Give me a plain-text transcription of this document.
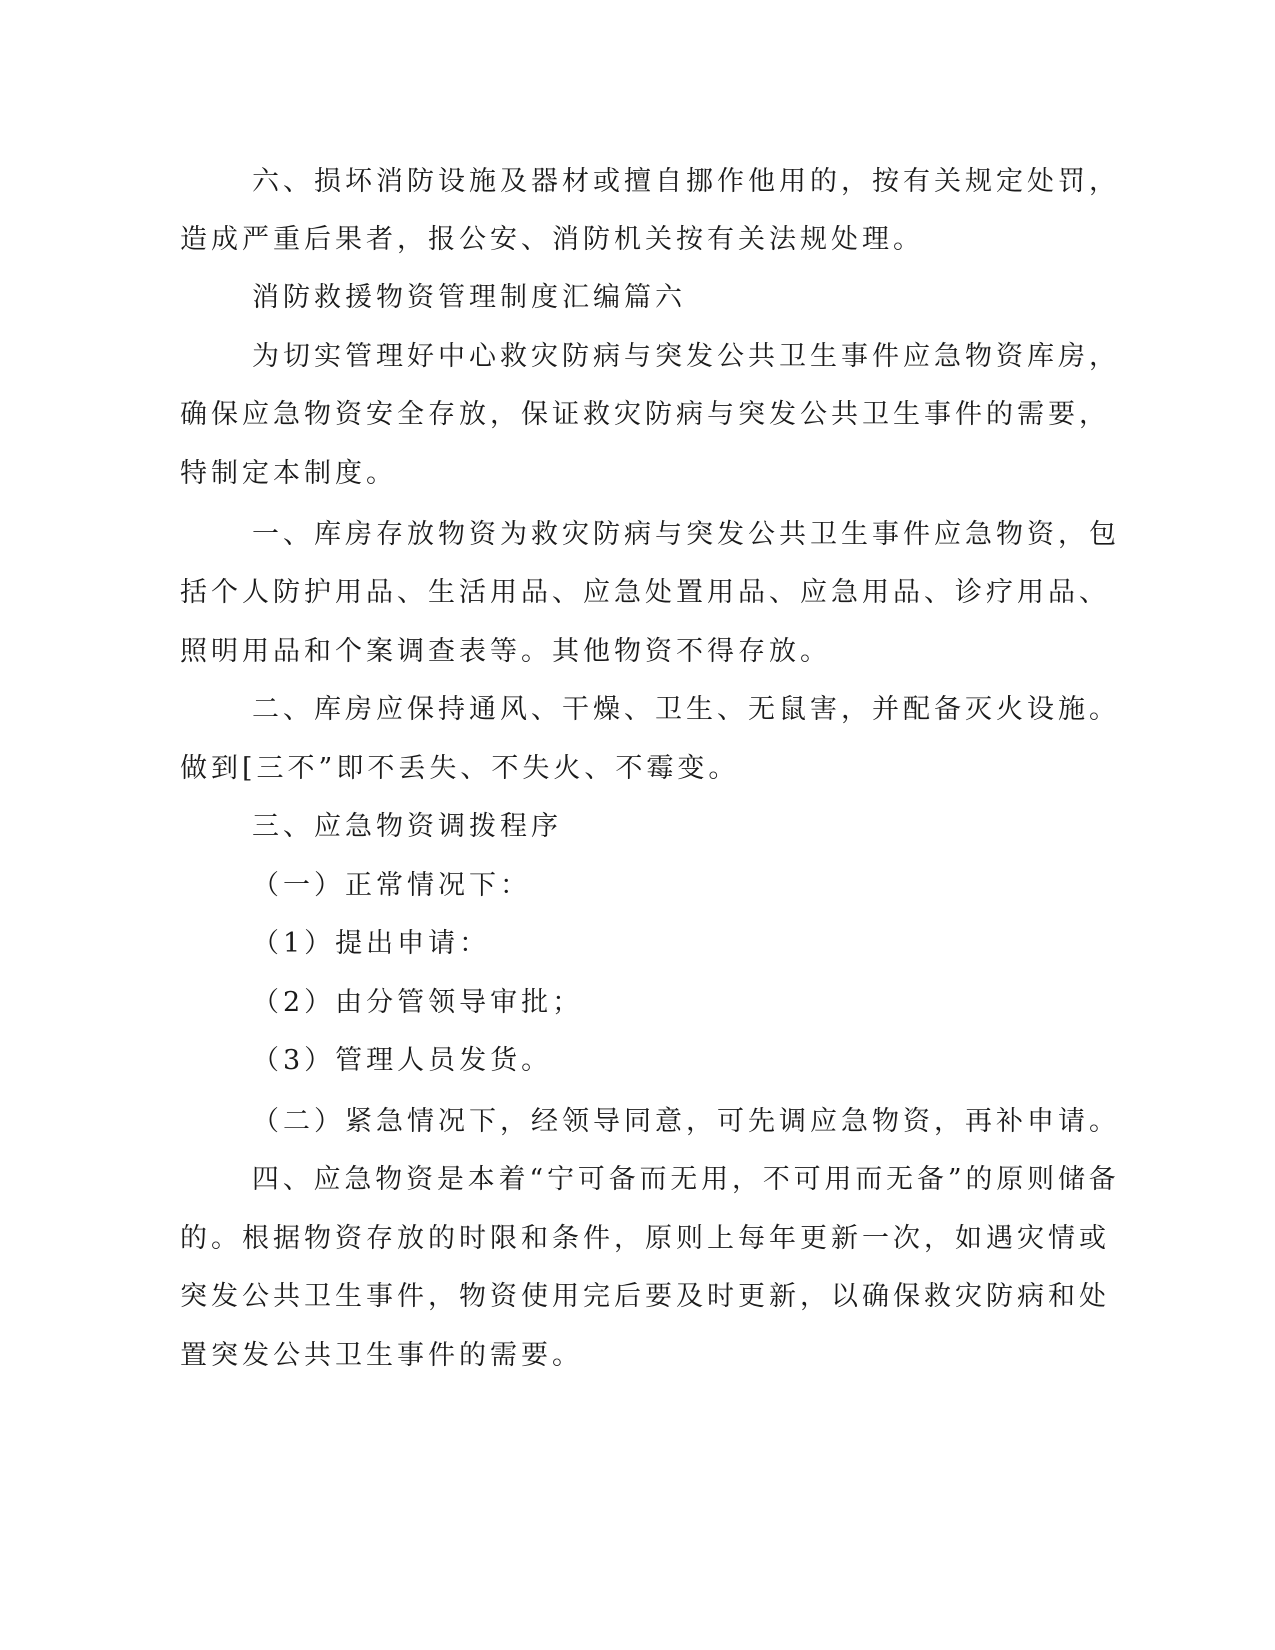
六、损坏消防设施及器材或擅自挪作他用的，按有关规定处罚，
造成严重后果者，报公安、消防机关按有关法规处理。
消防救援物资管理制度汇编篇六
为切实管理好中心救灾防病与突发公共卫生事件应急物资库房，
确保应急物资安全存放，保证救灾防病与突发公共卫生事件的需要，
特制定本制度。
一、库房存放物资为救灾防病与突发公共卫生事件应急物资，包
括个人防护用品、生活用品、应急处置用品、应急用品、诊疗用品、
照明用品和个案调查表等。其他物资不得存放。
二、库房应保持通风、干燥、卫生、无鼠害，并配备灭火设施。
做到[三不”即不丢失、不失火、不霉变。
三、应急物资调拨程序
（一）正常情况下：
（1）提出申请：
（2）由分管领导审批；
（3）管理人员发货。
（二）紧急情况下，经领导同意，可先调应急物资，再补申请。
四、应急物资是本着“宁可备而无用，不可用而无备”的原则储备
的。根据物资存放的时限和条件，原则上每年更新一次，如遇灾情或
突发公共卫生事件，物资使用完后要及时更新，以确保救灾防病和处
置突发公共卫生事件的需要。
